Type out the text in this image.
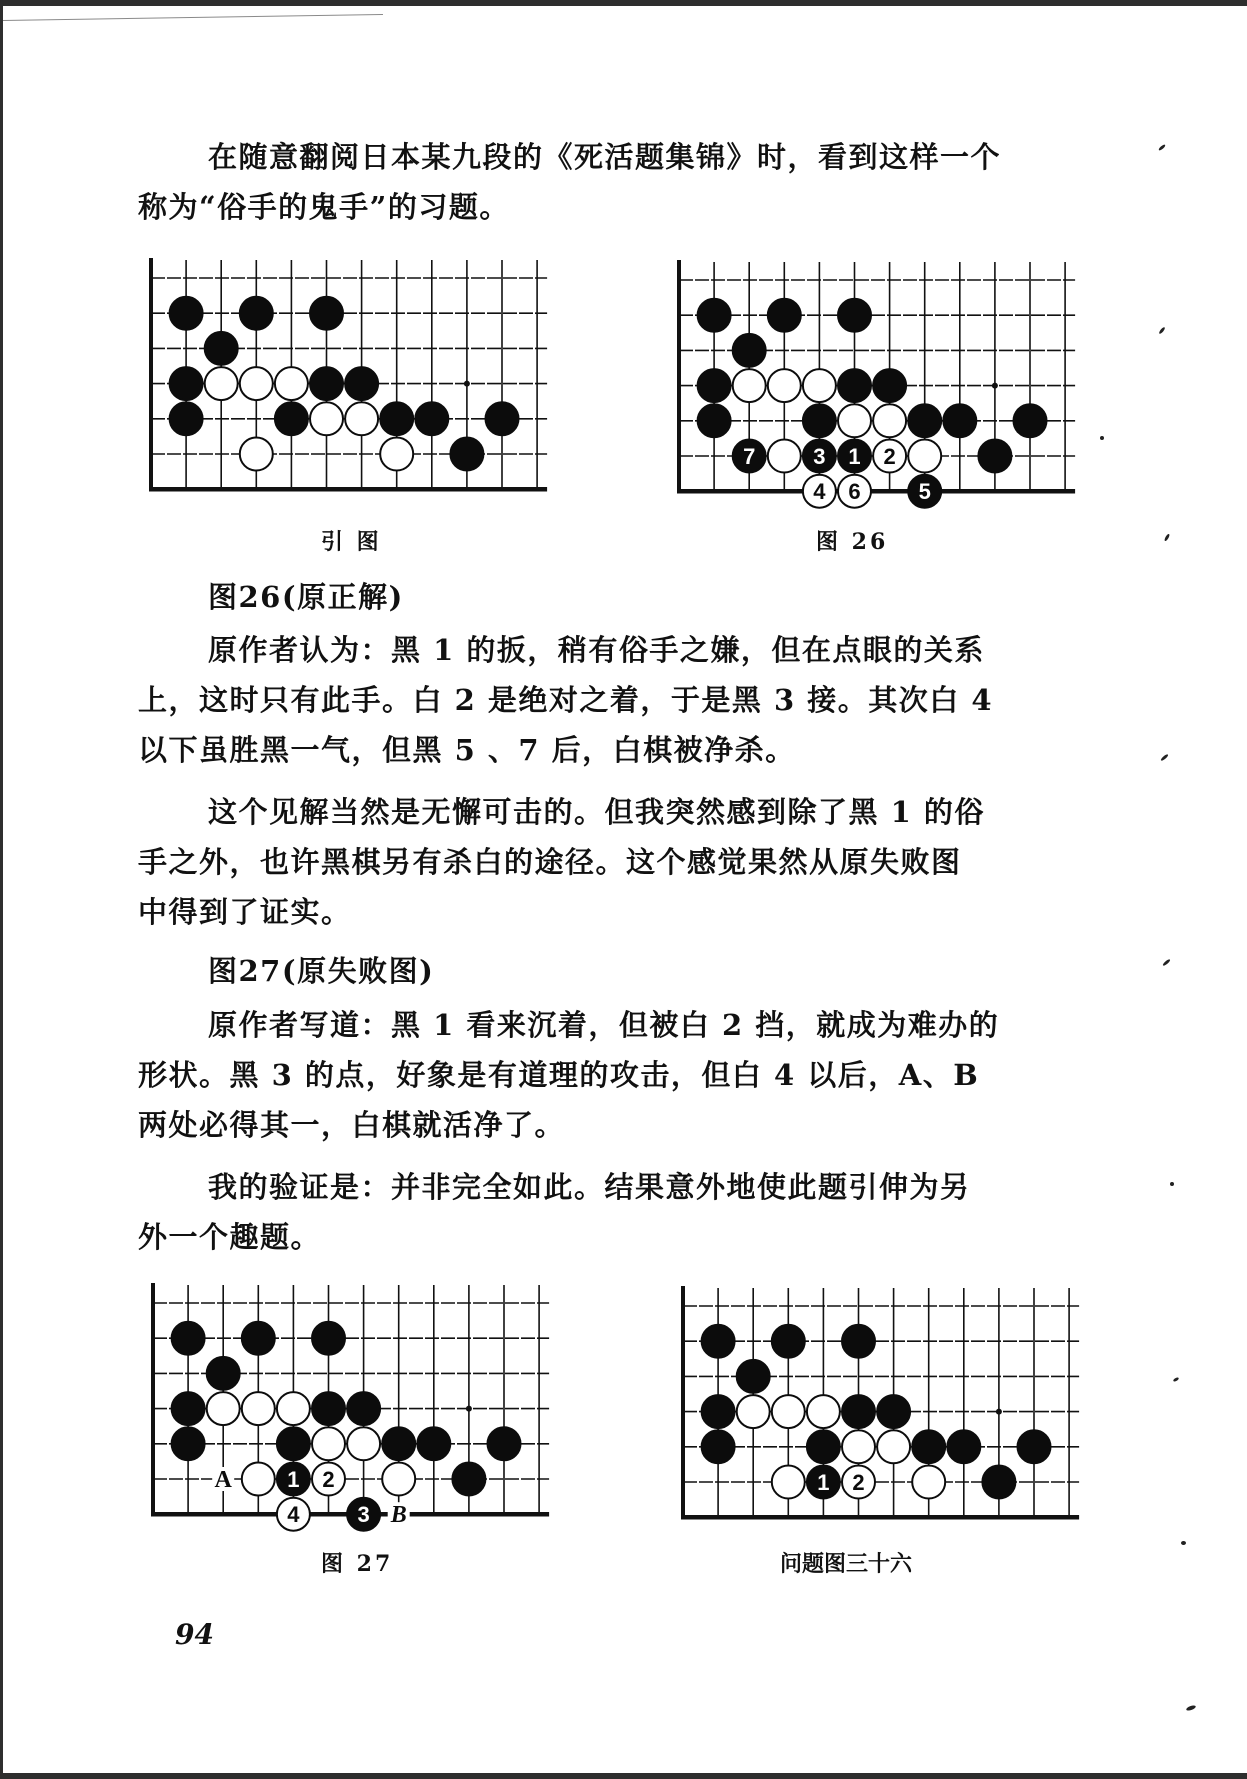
在随意翻阅日本某九段的《死活题集锦》时，看到这样一个
称为“俗手的鬼手”的习题。
7	3 1 2
4 6	5
引 图	图 26
图26(原正解)
原作者认为：黑 1 的扳，稍有俗手之嫌，但在点眼的关系
上，这时只有此手。白 2 是绝对之着，于是黑 3 接。其次白 4
以下虽胜黑一气，但黑 5 、7 后，白棋被净杀。
这个见解当然是无懈可击的。但我突然感到除了黑 1 的俗
手之外，也许黑棋另有杀白的途径。这个感觉果然从原失败图
中得到了证实。
图27(原失败图)
原作者写道：黑 1 看来沉着，但被白 2 挡，就成为难办的
形状。黑 3 的点，好象是有道理的攻击，但白 4 以后，A、B
两处必得其一，白棋就活净了。
我的验证是：并非完全如此。结果意外地使此题引伸为另
外一个趣题。
A	1 2
4	3 B
1 2
图 27	问题图三十六
94
